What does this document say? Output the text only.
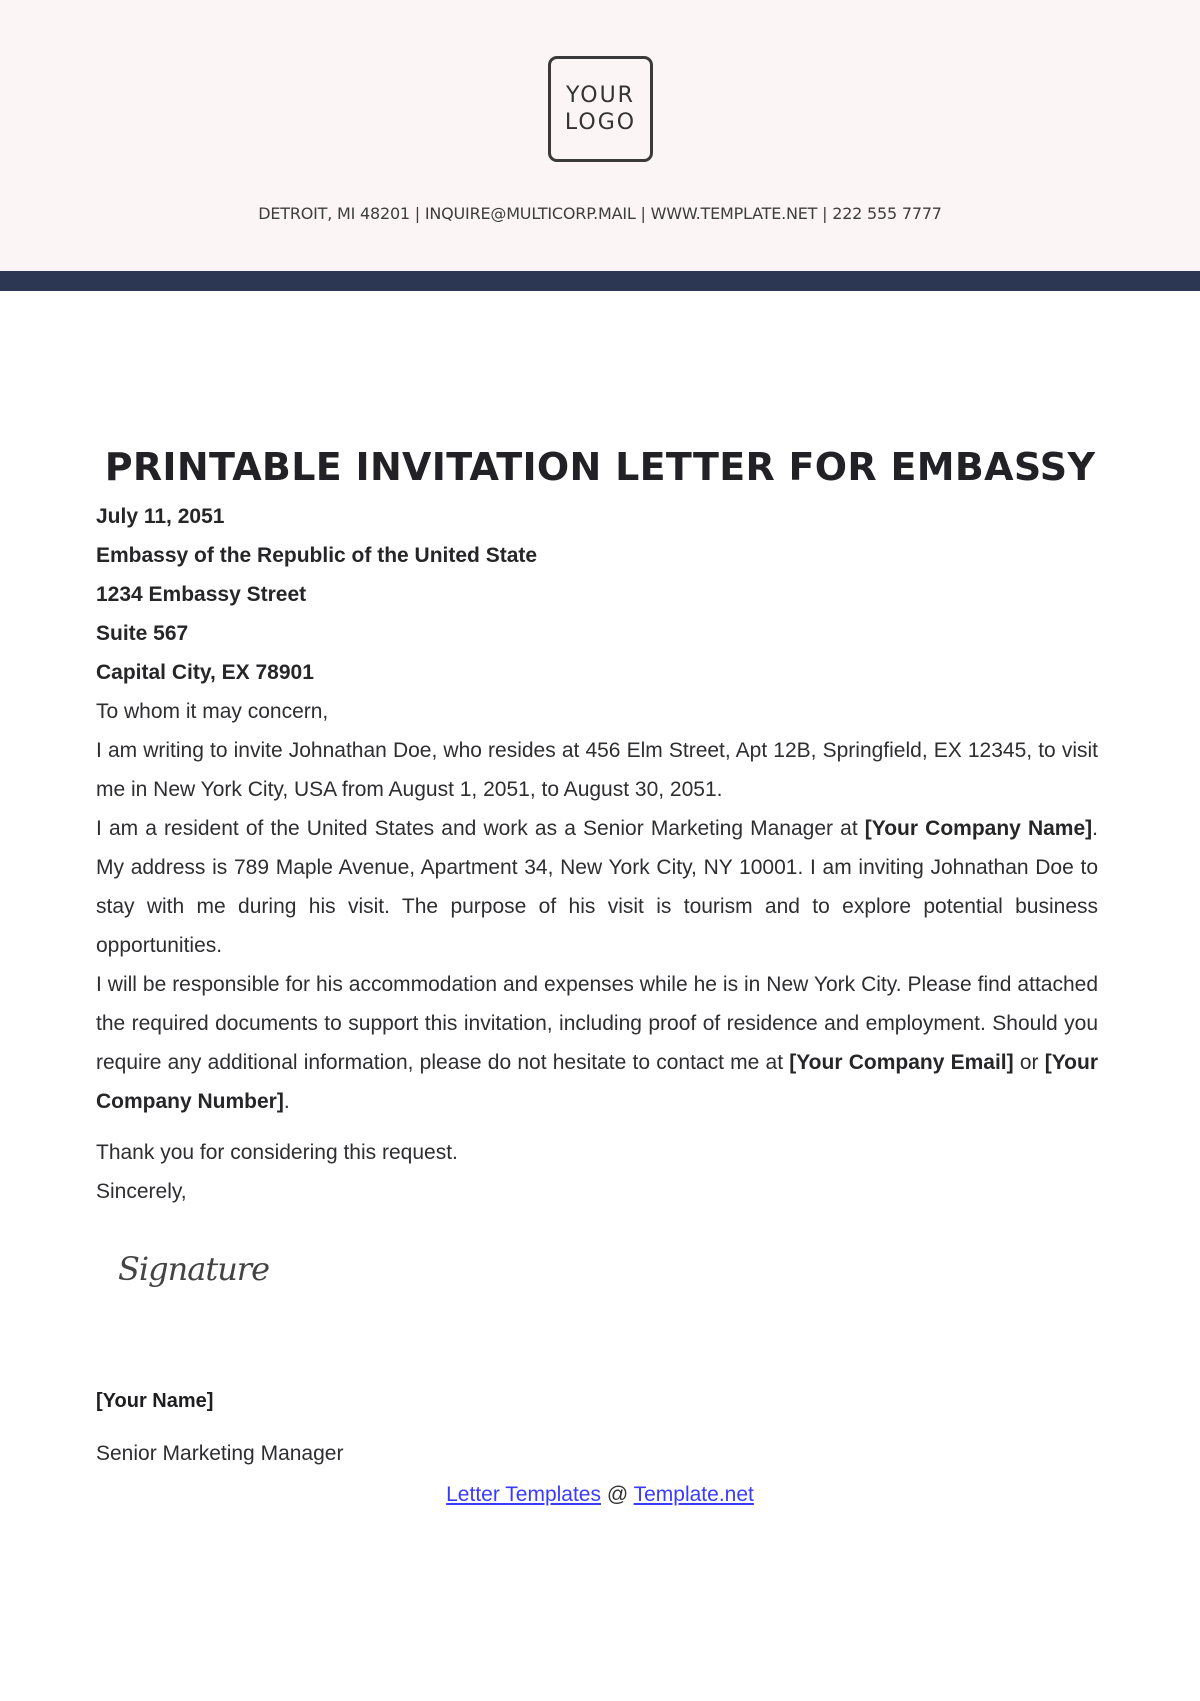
YOUR
LOGO
DETROIT, MI 48201 | INQUIRE@MULTICORP.MAIL | WWW.TEMPLATE.NET | 222 555 7777
PRINTABLE INVITATION LETTER FOR EMBASSY
July 11, 2051
Embassy of the Republic of the United State
1234 Embassy Street
Suite 567
Capital City, EX 78901
To whom it may concern,

I am writing to invite Johnathan Doe, who resides at 456 Elm Street, Apt 12B, Springfield, EX 12345, to visit me in New York City, USA from August 1, 2051, to August 30, 2051.

I am a resident of the United States and work as a Senior Marketing Manager at [Your Company Name]. My address is 789 Maple Avenue, Apartment 34, New York City, NY 10001. I am inviting Johnathan Doe to stay with me during his visit. The purpose of his visit is tourism and to explore potential business opportunities.

I will be responsible for his accommodation and expenses while he is in New York City. Please find attached the required documents to support this invitation, including proof of residence and employment. Should you require any additional information, please do not hesitate to contact me at [Your Company Email] or [Your Company Number].

Thank you for considering this request.
Sincerely,
Signature
[Your Name]
Senior Marketing Manager
Letter Templates @ Template.net
